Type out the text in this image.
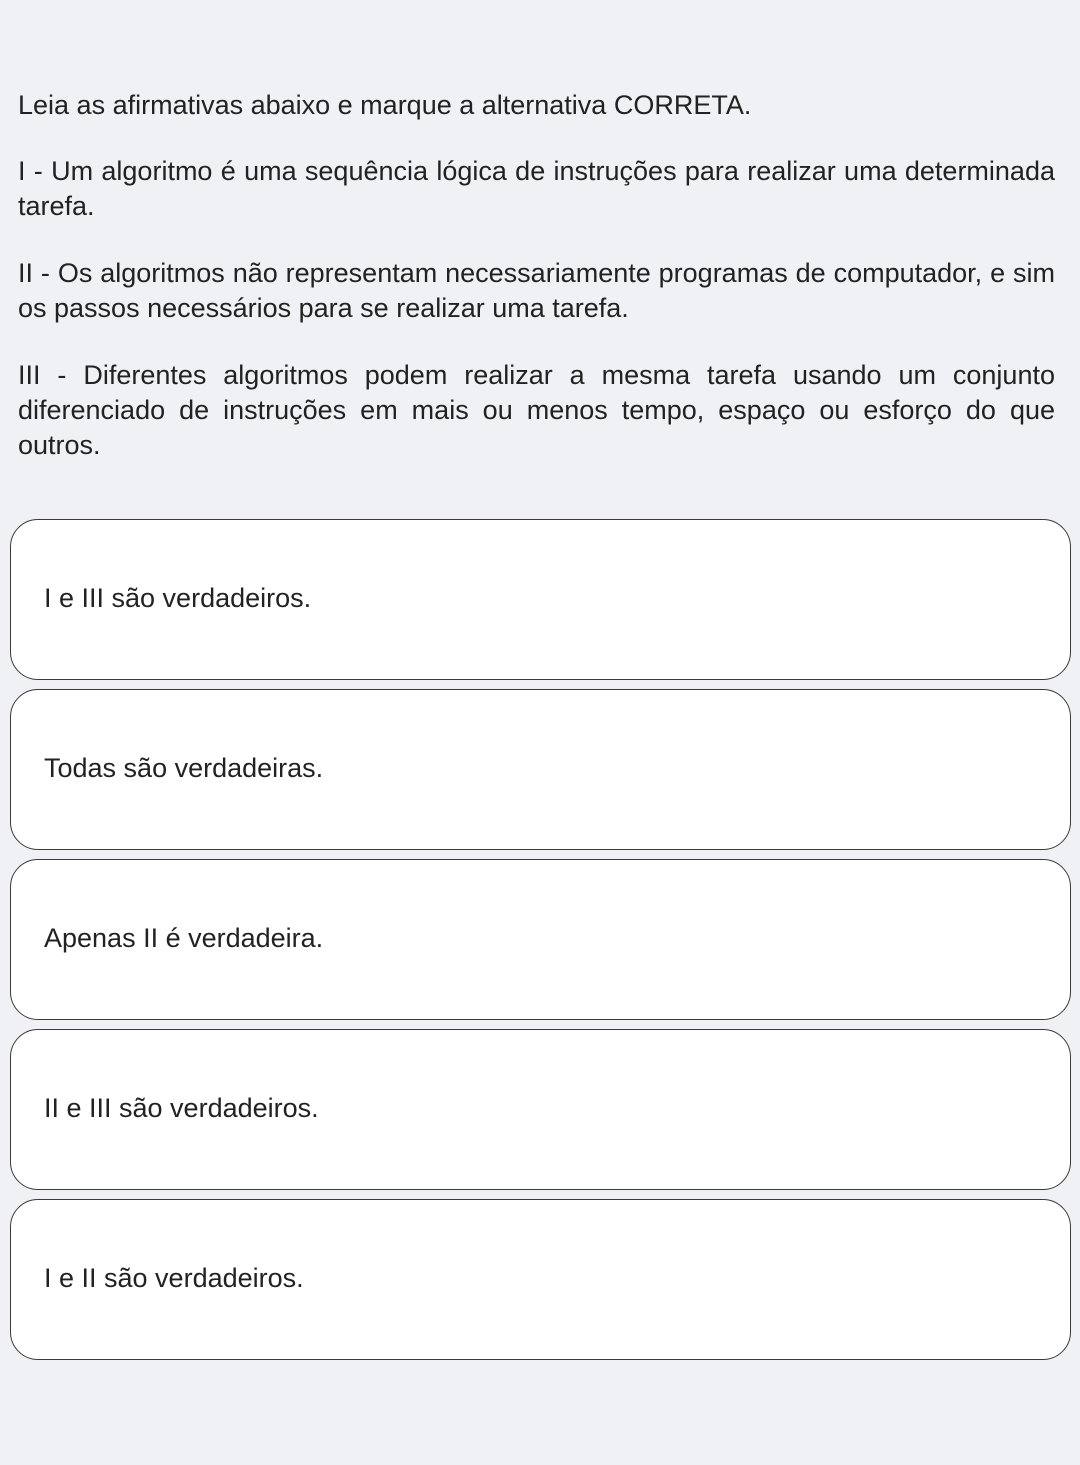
Leia as afirmativas abaixo e marque a alternativa CORRETA.

I - Um algoritmo é uma sequência lógica de instruções para realizar uma determinada tarefa.

II - Os algoritmos não representam necessariamente programas de computador, e sim os passos necessários para se realizar uma tarefa.

III - Diferentes algoritmos podem realizar a mesma tarefa usando um conjunto diferenciado de instruções em mais ou menos tempo, espaço ou esforço do que outros.

I e III são verdadeiros.
Todas são verdadeiras.
Apenas II é verdadeira.
II e III são verdadeiros.
I e II são verdadeiros.
